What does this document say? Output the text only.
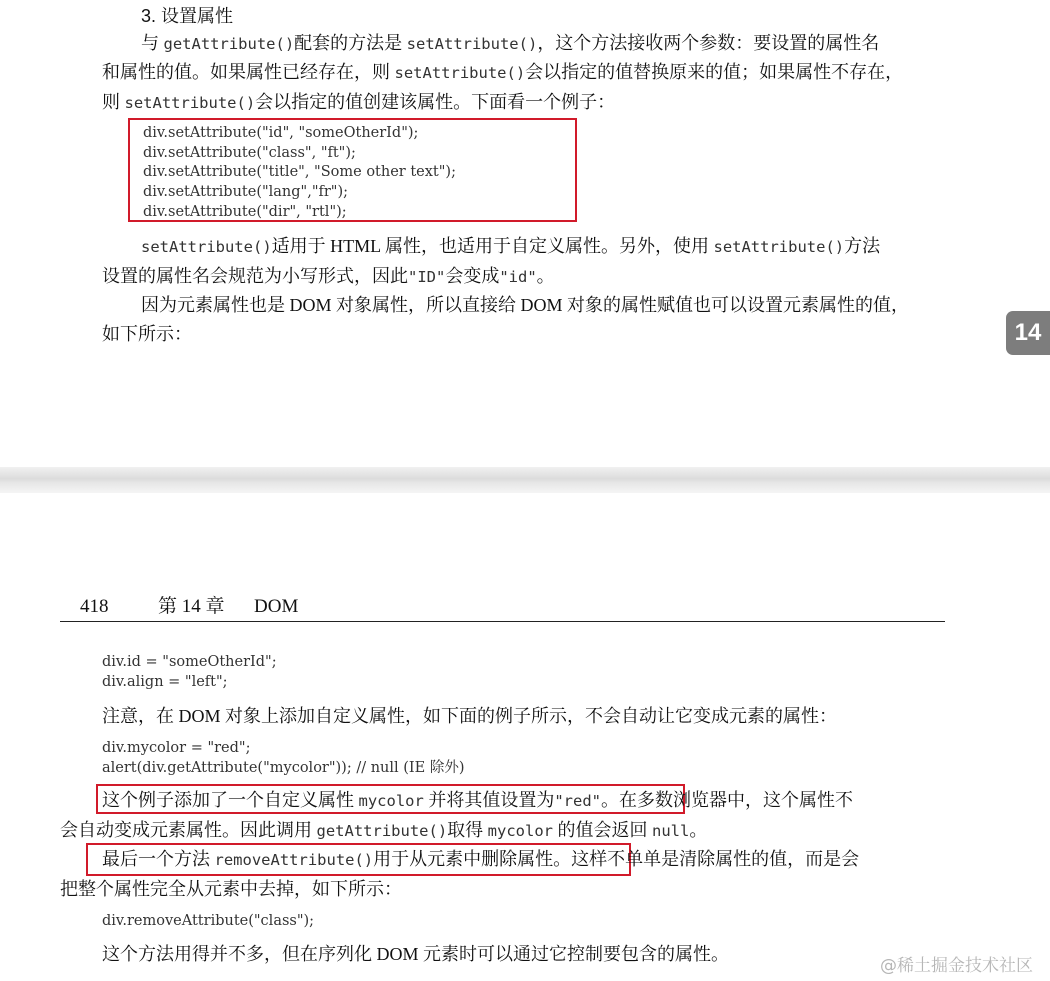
3. 设置属性
与 getAttribute()配套的方法是 setAttribute()，这个方法接收两个参数：要设置的属性名
和属性的值。如果属性已经存在，则 setAttribute()会以指定的值替换原来的值；如果属性不存在，
则 setAttribute()会以指定的值创建该属性。下面看一个例子：
div.setAttribute("id", "someOtherId");
div.setAttribute("class", "ft");
div.setAttribute("title", "Some other text");
div.setAttribute("lang","fr");
div.setAttribute("dir", "rtl");
setAttribute()适用于 HTML 属性，也适用于自定义属性。另外，使用 setAttribute()方法
设置的属性名会规范为小写形式，因此"ID"会变成"id"。
因为元素属性也是 DOM 对象属性，所以直接给 DOM 对象的属性赋值也可以设置元素属性的值，
如下所示：	14
418	第 14 章 DOM
div.id = "someOtherId";
div.align = "left";
注意，在 DOM 对象上添加自定义属性，如下面的例子所示，不会自动让它变成元素的属性：
div.mycolor = "red";
alert(div.getAttribute("mycolor")); // null (IE 除外)
这个例子添加了一个自定义属性 mycolor 并将其值设置为"red"。在多数浏览器中，这个属性不
会自动变成元素属性。因此调用 getAttribute()取得 mycolor 的值会返回 null。
最后一个方法 removeAttribute()用于从元素中删除属性。这样不单单是清除属性的值，而是会
把整个属性完全从元素中去掉，如下所示：
div.removeAttribute("class");
这个方法用得并不多，但在序列化 DOM 元素时可以通过它控制要包含的属性。
@稀土掘金技术社区
